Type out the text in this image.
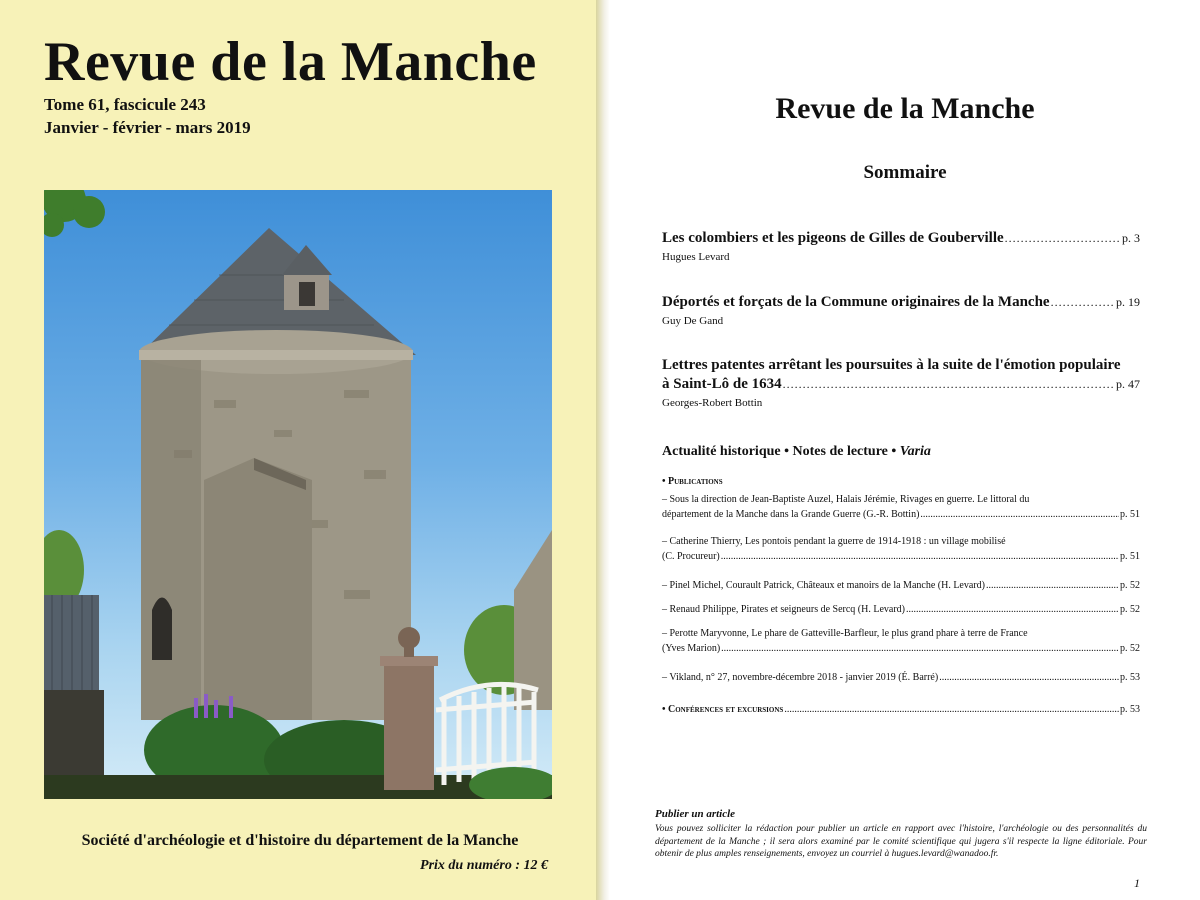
Revue de la Manche
Tome 61, fascicule 243
Janvier - février - mars 2019
Société d'archéologie et d'histoire du département de la Manche
Prix du numéro : 12 €
Revue de la Manche
Sommaire
Les colombiers et les pigeons de Gilles de Gouberville .....	p. 3
Hugues Levard
Déportés et forçats de la Commune originaires de la Manche .....	p. 19
Guy De Gand
Lettres patentes arrêtant les poursuites à la suite de l'émotion populaire
à Saint-Lô de 1634 .....	p. 47
Georges-Robert Bottin
Actualité historique • Notes de lecture • Varia
• Publications
– Sous la direction de Jean-Baptiste Auzel, Halais Jérémie, Rivages en guerre. Le littoral du
département de la Manche dans la Grande Guerre (G.-R. Bottin) .....	p. 51
– Catherine Thierry, Les pontois pendant la guerre de 1914-1918 : un village mobilisé
(C. Procureur) .....	p. 51
– Pinel Michel, Courault Patrick, Châteaux et manoirs de la Manche (H. Levard) .....	p. 52
– Renaud Philippe, Pirates et seigneurs de Sercq (H. Levard) .....	p. 52
– Perotte Maryvonne, Le phare de Gatteville-Barfleur, le plus grand phare à terre de France
(Yves Marion) .....	p. 52
– Vikland, n° 27, novembre-décembre 2018 - janvier 2019 (É. Barré) .....	p. 53
• Conférences et excursions .....	p. 53
Publier un article
Vous pouvez solliciter la rédaction pour publier un article en rapport avec l'histoire, l'archéologie ou des personnalités du département de la Manche ; il sera alors examiné par le comité scientifique qui jugera s'il respecte la ligne éditoriale. Pour obtenir de plus amples renseignements, envoyez un courriel à hugues.levard@wanadoo.fr.
1
